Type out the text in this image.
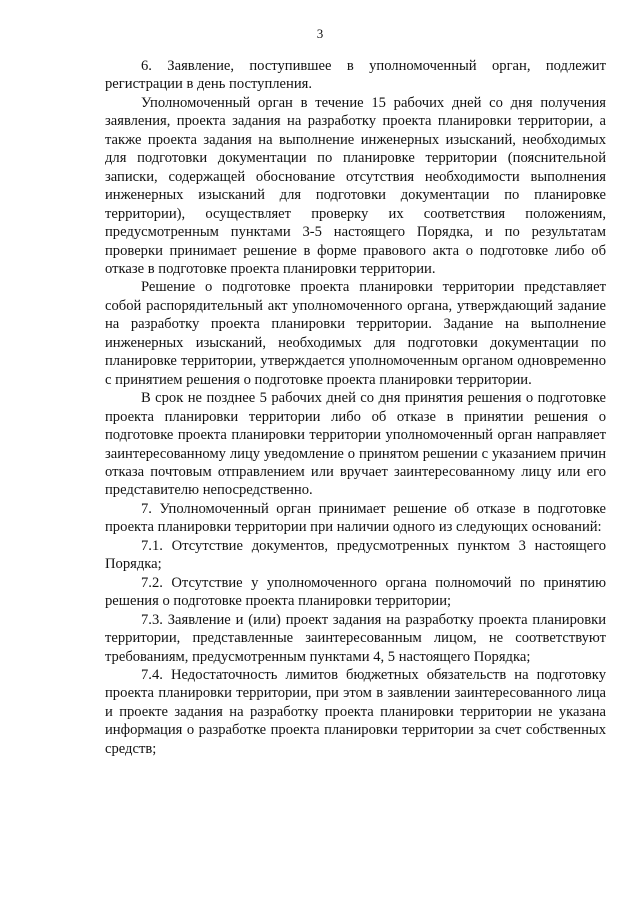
3

6. Заявление, поступившее в уполномоченный орган, подлежит регистрации в день поступления.

Уполномоченный орган в течение 15 рабочих дней со дня получения заявления, проекта задания на разработку проекта планировки территории, а также проекта задания на выполнение инженерных изысканий, необходимых для подготовки документации по планировке территории (пояснительной записки, содержащей обоснование отсутствия необходимости выполнения инженерных изысканий для подготовки документации по планировке территории), осуществляет проверку их соответствия положениям, предусмотренным пунктами 3-5 настоящего Порядка, и по результатам проверки принимает решение в форме правового акта о подготовке либо об отказе в подготовке проекта планировки территории.

Решение о подготовке проекта планировки территории представляет собой распорядительный акт уполномоченного органа, утверждающий задание на разработку проекта планировки территории. Задание на выполнение инженерных изысканий, необходимых для подготовки документации по планировке территории, утверждается уполномоченным органом одновременно с принятием решения о подготовке проекта планировки территории.

В срок не позднее 5 рабочих дней со дня принятия решения о подготовке проекта планировки территории либо об отказе в принятии решения о подготовке проекта планировки территории уполномоченный орган направляет заинтересованному лицу уведомление о принятом решении с указанием причин отказа почтовым отправлением или вручает заинтересованному лицу или его представителю непосредственно.

7. Уполномоченный орган принимает решение об отказе в подготовке проекта планировки территории при наличии одного из следующих оснований:

7.1. Отсутствие документов, предусмотренных пунктом 3 настоящего Порядка;

7.2. Отсутствие у уполномоченного органа полномочий по принятию решения о подготовке проекта планировки территории;

7.3. Заявление и (или) проект задания на разработку проекта планировки территории, представленные заинтересованным лицом, не соответствуют требованиям, предусмотренным пунктами 4, 5 настоящего Порядка;

7.4. Недостаточность лимитов бюджетных обязательств на подготовку проекта планировки территории, при этом в заявлении заинтересованного лица и проекте задания на разработку проекта планировки территории не указана информация о разработке проекта планировки территории за счет собственных средств;
